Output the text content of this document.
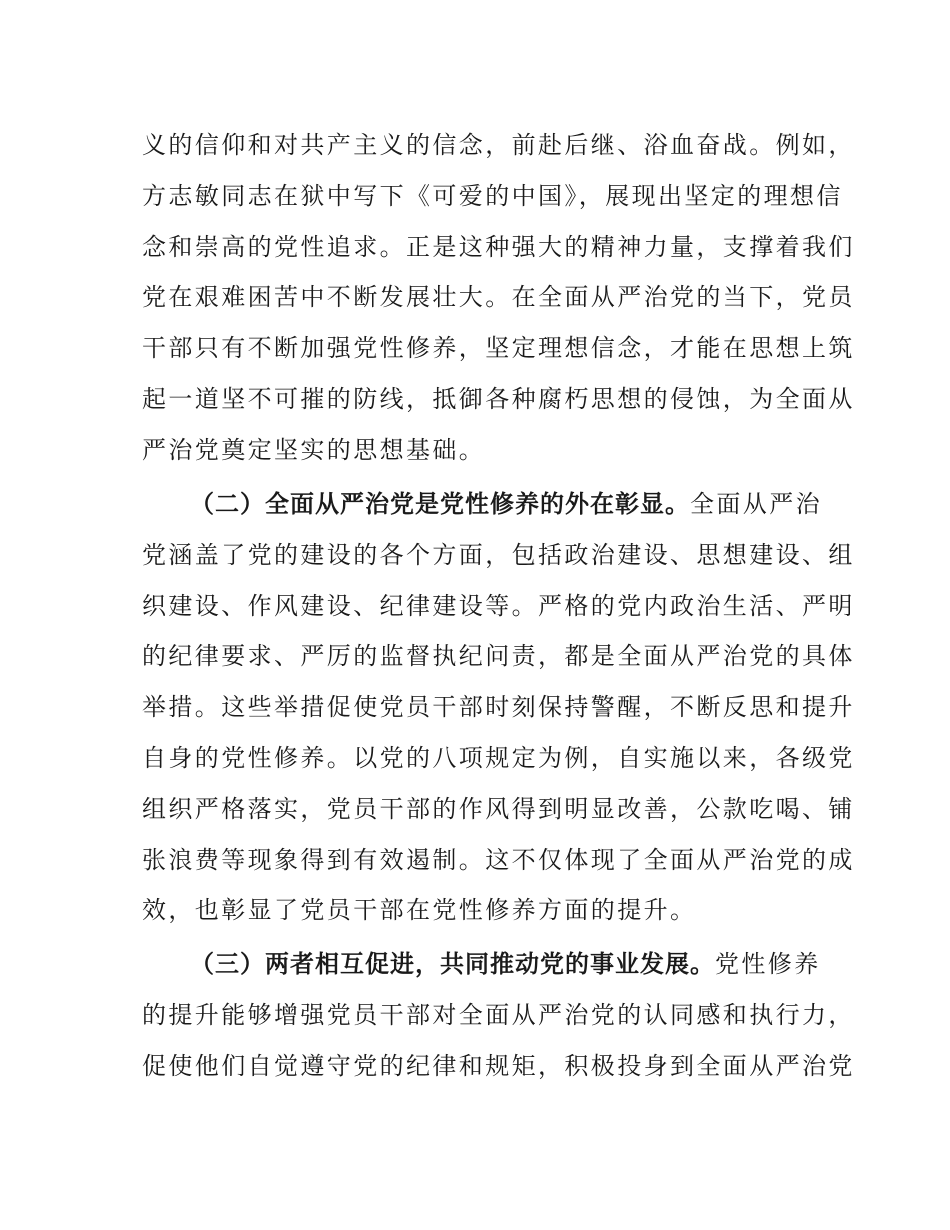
义的信仰和对共产主义的信念，前赴后继、浴血奋战。例如，
方志敏同志在狱中写下《可爱的中国》，展现出坚定的理想信
念和崇高的党性追求。正是这种强大的精神力量，支撑着我们
党在艰难困苦中不断发展壮大。在全面从严治党的当下，党员
干部只有不断加强党性修养，坚定理想信念，才能在思想上筑
起一道坚不可摧的防线，抵御各种腐朽思想的侵蚀，为全面从
严治党奠定坚实的思想基础。
（二）全面从严治党是党性修养的外在彰显。全面从严治
党涵盖了党的建设的各个方面，包括政治建设、思想建设、组
织建设、作风建设、纪律建设等。严格的党内政治生活、严明
的纪律要求、严厉的监督执纪问责，都是全面从严治党的具体
举措。这些举措促使党员干部时刻保持警醒，不断反思和提升
自身的党性修养。以党的八项规定为例，自实施以来，各级党
组织严格落实，党员干部的作风得到明显改善，公款吃喝、铺
张浪费等现象得到有效遏制。这不仅体现了全面从严治党的成
效，也彰显了党员干部在党性修养方面的提升。
（三）两者相互促进，共同推动党的事业发展。党性修养
的提升能够增强党员干部对全面从严治党的认同感和执行力，
促使他们自觉遵守党的纪律和规矩，积极投身到全面从严治党
